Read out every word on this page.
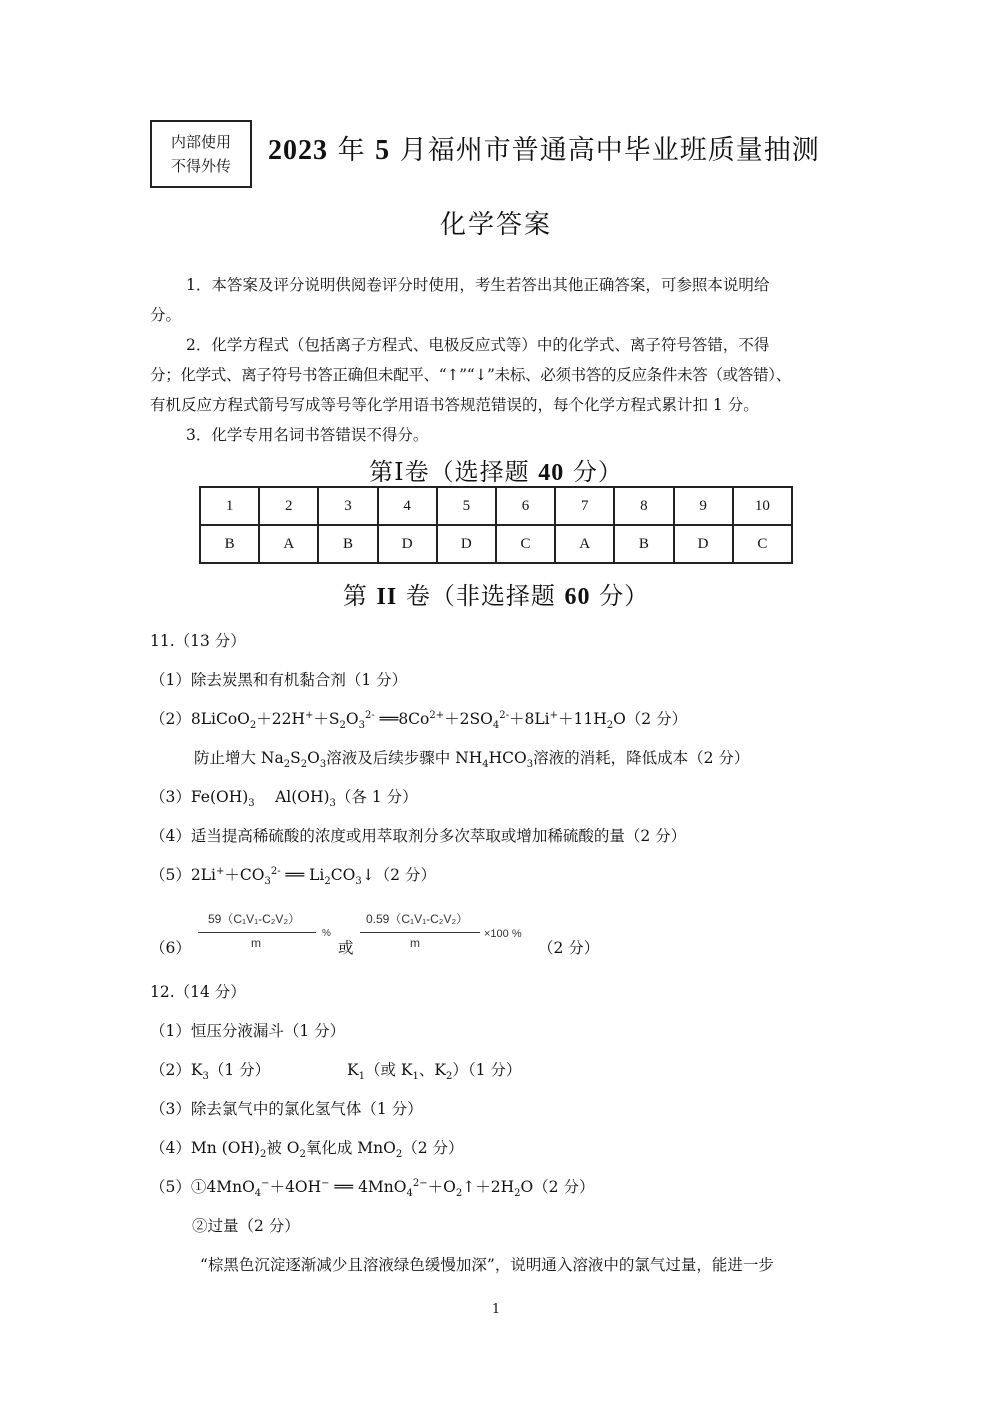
内部使用
不得外传 2023 年 5 月福州市普通高中毕业班质量抽测
化学答案
1．本答案及评分说明供阅卷评分时使用，考生若答出其他正确答案，可参照本说明给
分。
2．化学方程式（包括离子方程式、电极反应式等）中的化学式、离子符号答错，不得
分；化学式、离子符号书答正确但未配平、“↑”“↓”未标、必须书答的反应条件未答（或答错）、
有机反应方程式箭号写成等号等化学用语书答规范错误的，每个化学方程式累计扣 1 分。
3．化学专用名词书答错误不得分。
第Ⅰ卷（选择题 40 分）
1	2	3	4	5	6	7	8	9	10
B	A	B	D	D	C	A	B	D	C
第 II 卷（非选择题 60 分）
11.（13 分）
（1）除去炭黑和有机黏合剂（1 分）
$(2)8LiCoO_2+22H^++S_2O_3^{2-}$ $══8Co^{2+}+2SO_4^{2-}+8Li^++11H_2O(2$ 分）
防止增大 $Na_2S_2O_3$溶液及后续步骤中 $NH_4HCO_3$溶液的消耗，降低成本（2 分）
$(3)Fe(OH)_3$　 $Al(OH)_3$（各 1 分）
（4）适当提高稀硫酸的浓度或用萃取剂分多次萃取或增加稀硫酸的量（2 分）
$(5)2Li^++CO_3^{2-}$ ══ $Li_2CO_3↓(2$ 分）
（6）
59（C₁V₁-C₂V₂）
m
%
或
0.59（C₁V₁-C₂V₂）
m
×100 %
（2 分）
12.（14 分）
（1）恒压分液漏斗（1 分）
$(2)K_3(1$ 分）	$K_1$（或 $K_1$、$K_2)(1$ 分）
（3）除去氯气中的氯化氢气体（1 分）
（4）Mn $(OH)_2$被 $O_2$氧化成 MnO$_2$（2 分）
（5）①4MnO$_4$−＋4OH− ══ $4MnO_4^{2-}+O_2↑+2H_2O(2$ 分）
②过量（2 分）
“棕黑色沉淀逐渐减少且溶液绿色缓慢加深”，说明通入溶液中的氯气过量，能进一步
1
